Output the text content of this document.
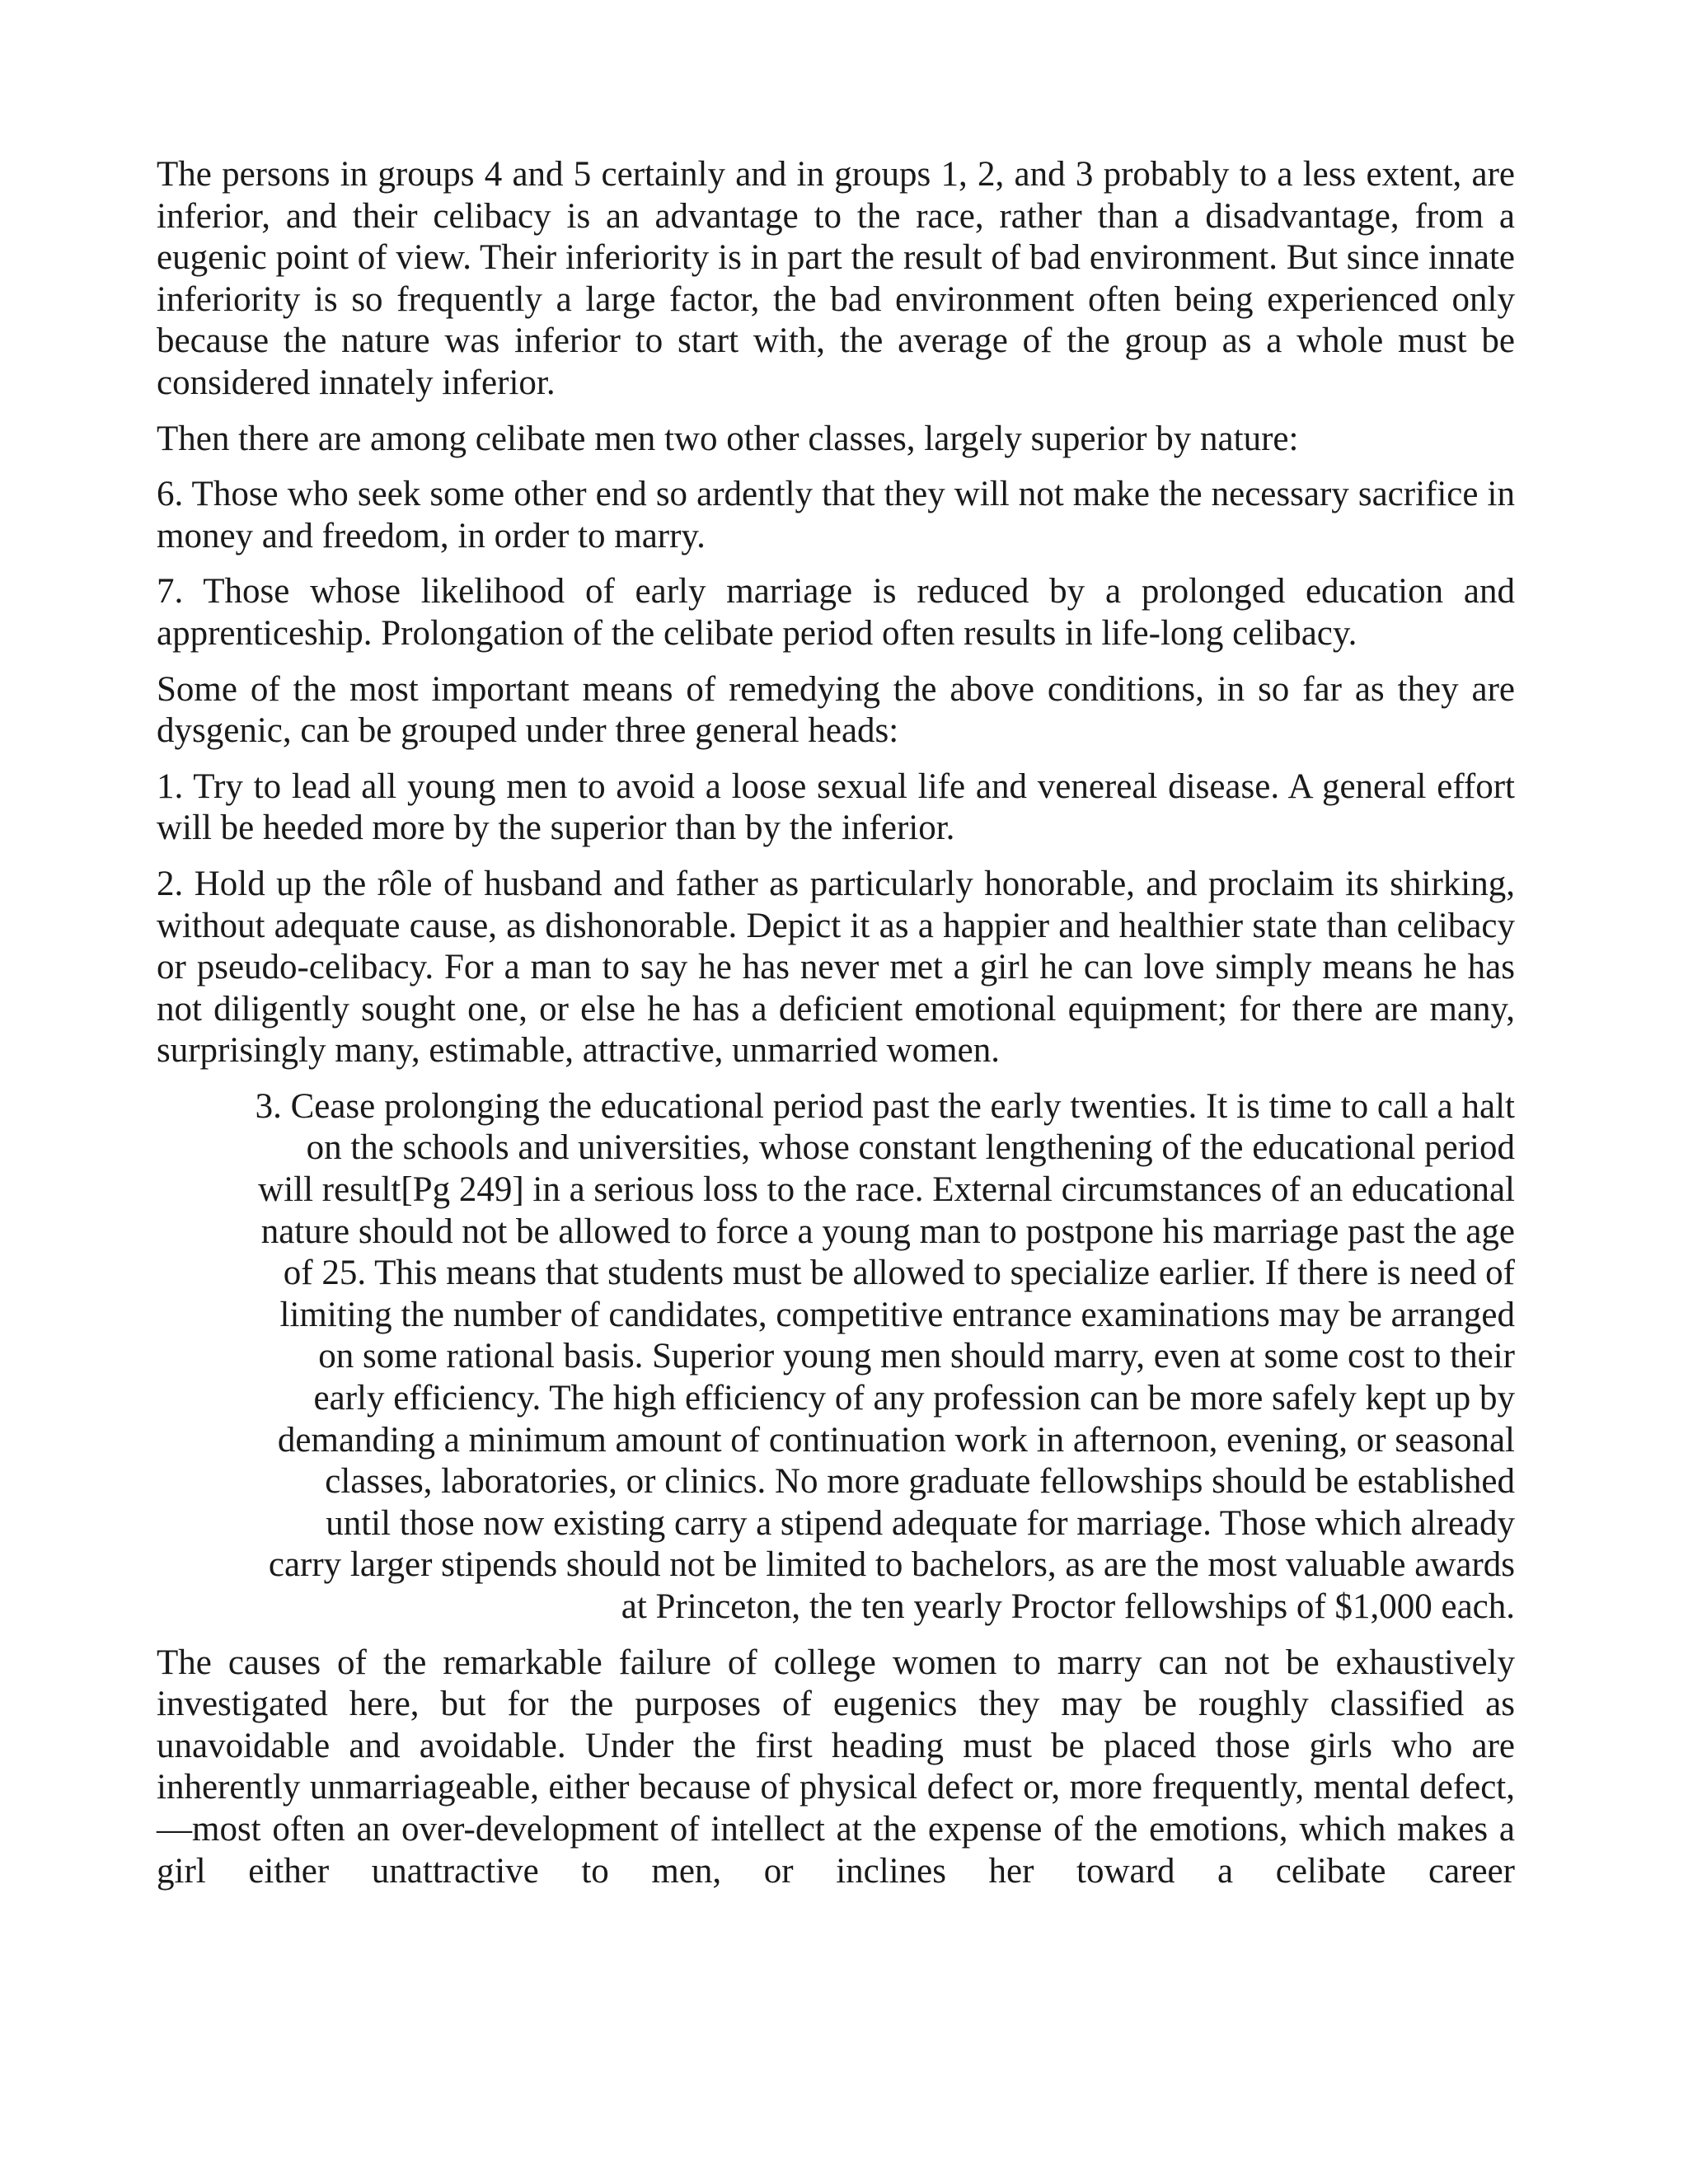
The persons in groups 4 and 5 certainly and in groups 1, 2, and 3 probably to a less extent, are inferior, and their celibacy is an advantage to the race, rather than a disadvantage, from a eugenic point of view. Their inferiority is in part the result of bad environment. But since innate inferiority is so frequently a large factor, the bad environment often being experienced only because the nature was inferior to start with, the average of the group as a whole must be considered innately inferior.

Then there are among celibate men two other classes, largely superior by nature:

6. Those who seek some other end so ardently that they will not make the necessary sacrifice in money and freedom, in order to marry.

7. Those whose likelihood of early marriage is reduced by a prolonged education and apprenticeship. Prolongation of the celibate period often results in life-long celibacy.

Some of the most important means of remedying the above conditions, in so far as they are dysgenic, can be grouped under three general heads:

1. Try to lead all young men to avoid a loose sexual life and venereal disease. A general effort will be heeded more by the superior than by the inferior.

2. Hold up the rôle of husband and father as particularly honorable, and proclaim its shirking, without adequate cause, as dishonorable. Depict it as a happier and healthier state than celibacy or pseudo-celibacy. For a man to say he has never met a girl he can love simply means he has not diligently sought one, or else he has a deficient emotional equipment; for there are many, surprisingly many, estimable, attractive, unmarried women.

3. Cease prolonging the educational period past the early twenties. It is time to call a halt
on the schools and universities, whose constant lengthening of the educational period
will result[Pg 249] in a serious loss to the race. External circumstances of an educational
nature should not be allowed to force a young man to postpone his marriage past the age
of 25. This means that students must be allowed to specialize earlier. If there is need of
limiting the number of candidates, competitive entrance examinations may be arranged
on some rational basis. Superior young men should marry, even at some cost to their
early efficiency. The high efficiency of any profession can be more safely kept up by
demanding a minimum amount of continuation work in afternoon, evening, or seasonal
classes, laboratories, or clinics. No more graduate fellowships should be established
until those now existing carry a stipend adequate for marriage. Those which already
carry larger stipends should not be limited to bachelors, as are the most valuable awards
at Princeton, the ten yearly Proctor fellowships of $1,000 each.

The causes of the remarkable failure of college women to marry can not be exhaustively investigated here, but for the purposes of eugenics they may be roughly classified as unavoidable and avoidable. Under the first heading must be placed those girls who are inherently unmarriageable, either because of physical defect or, more frequently, mental defect,—most often an over-development of intellect at the expense of the emotions, which makes a girl either unattractive to men, or inclines her toward a celibate career
